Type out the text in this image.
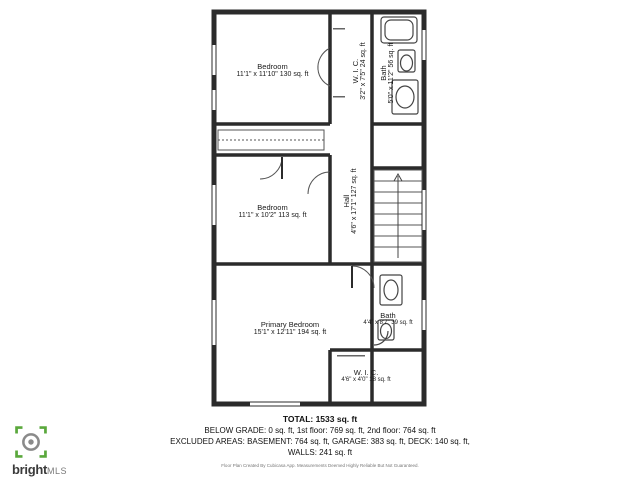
Bedroom
11'1" x 11'10" 130 sq. ft	W. I. C. 3'2" x 7'5" 24 sq. ft Bath 5'0" x 11'2" 56 sq. ft
Bedroom
11'1" x 10'2" 113 sq. ft
Hall 4'6" x 17'1" 127 sq. ft
Primary Bedroom
15'1" x 12'11" 194 sq. ft
Bath
4'4" x 8'7" 39 sq. ft
W. I. C.
4'6" x 4'0" 18 sq. ft
TOTAL: 1533 sq. ft
BELOW GRADE: 0 sq. ft, 1st floor: 769 sq. ft, 2nd floor: 764 sq. ft
EXCLUDED AREAS: BASEMENT: 764 sq. ft, GARAGE: 383 sq. ft, DECK: 140 sq. ft,
WALLS: 241 sq. ft
Floor Plan Created By Cubicasa App. Measurements Deemed Highly Reliable But Not Guaranteed.
brightMLS
